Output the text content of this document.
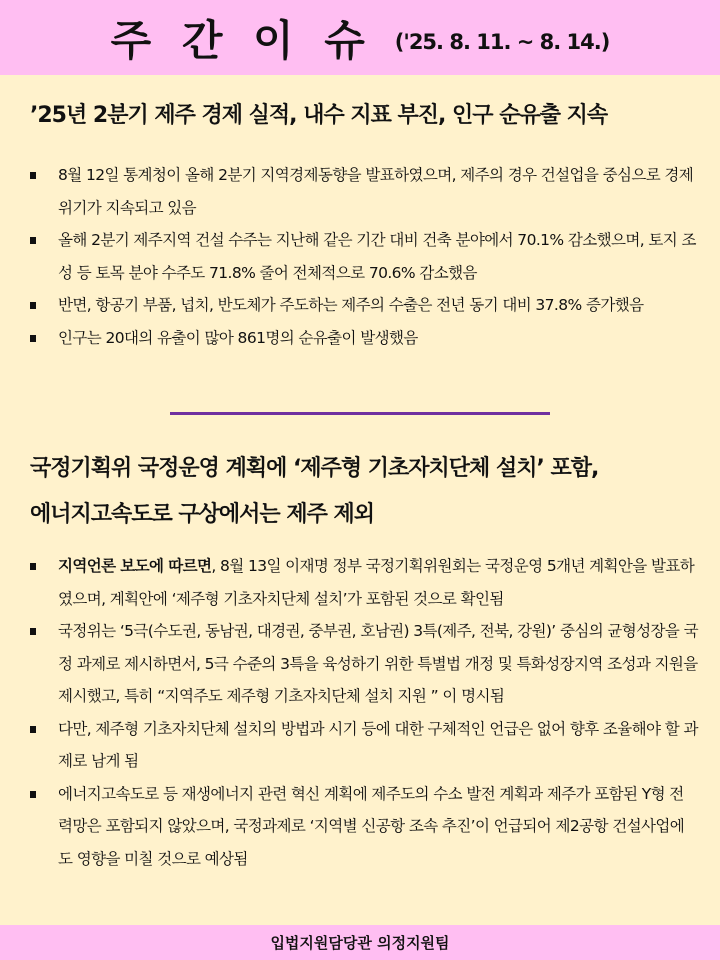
주 간 이 슈 ('25. 8. 11. ~ 8. 14.)
’25년 2분기 제주 경제 실적, 내수 지표 부진, 인구 순유출 지속
8월 12일 통계청이 올해 2분기 지역경제동향을 발표하였으며, 제주의 경우 건설업을 중심으로 경제위기가 지속되고 있음
올해 2분기 제주지역 건설 수주는 지난해 같은 기간 대비 건축 분야에서 70.1% 감소했으며, 토지 조성 등 토목 분야 수주도 71.8% 줄어 전체적으로 70.6% 감소했음
반면, 항공기 부품, 넙치, 반도체가 주도하는 제주의 수출은 전년 동기 대비 37.8% 증가했음
인구는 20대의 유출이 많아 861명의 순유출이 발생했음
국정기획위 국정운영 계획에 ‘제주형 기초자치단체 설치’ 포함,
에너지고속도로 구상에서는 제주 제외
지역언론 보도에 따르면, 8월 13일 이재명 정부 국정기획위원회는 국정운영 5개년 계획안을 발표하였으며, 계획안에 ‘제주형 기초자치단체 설치’가 포함된 것으로 확인됨
국정위는 ‘5극(수도권, 동남권, 대경권, 중부권, 호남권) 3특(제주, 전북, 강원)’ 중심의 균형성장을 국정 과제로 제시하면서, 5극 수준의 3특을 육성하기 위한 특별법 개정 및 특화성장지역 조성과 지원을 제시했고, 특히 “지역주도 제주형 기초자치단체 설치 지원 ” 이 명시됨
다만, 제주형 기초자치단체 설치의 방법과 시기 등에 대한 구체적인 언급은 없어 향후 조율해야 할 과제로 남게 됨
에너지고속도로 등 재생에너지 관련 혁신 계획에 제주도의 수소 발전 계획과 제주가 포함된 Y형 전력망은 포함되지 않았으며, 국정과제로 ‘지역별 신공항 조속 추진’이 언급되어 제2공항 건설사업에도 영향을 미칠 것으로 예상됨
입법지원담당관 의정지원팀
